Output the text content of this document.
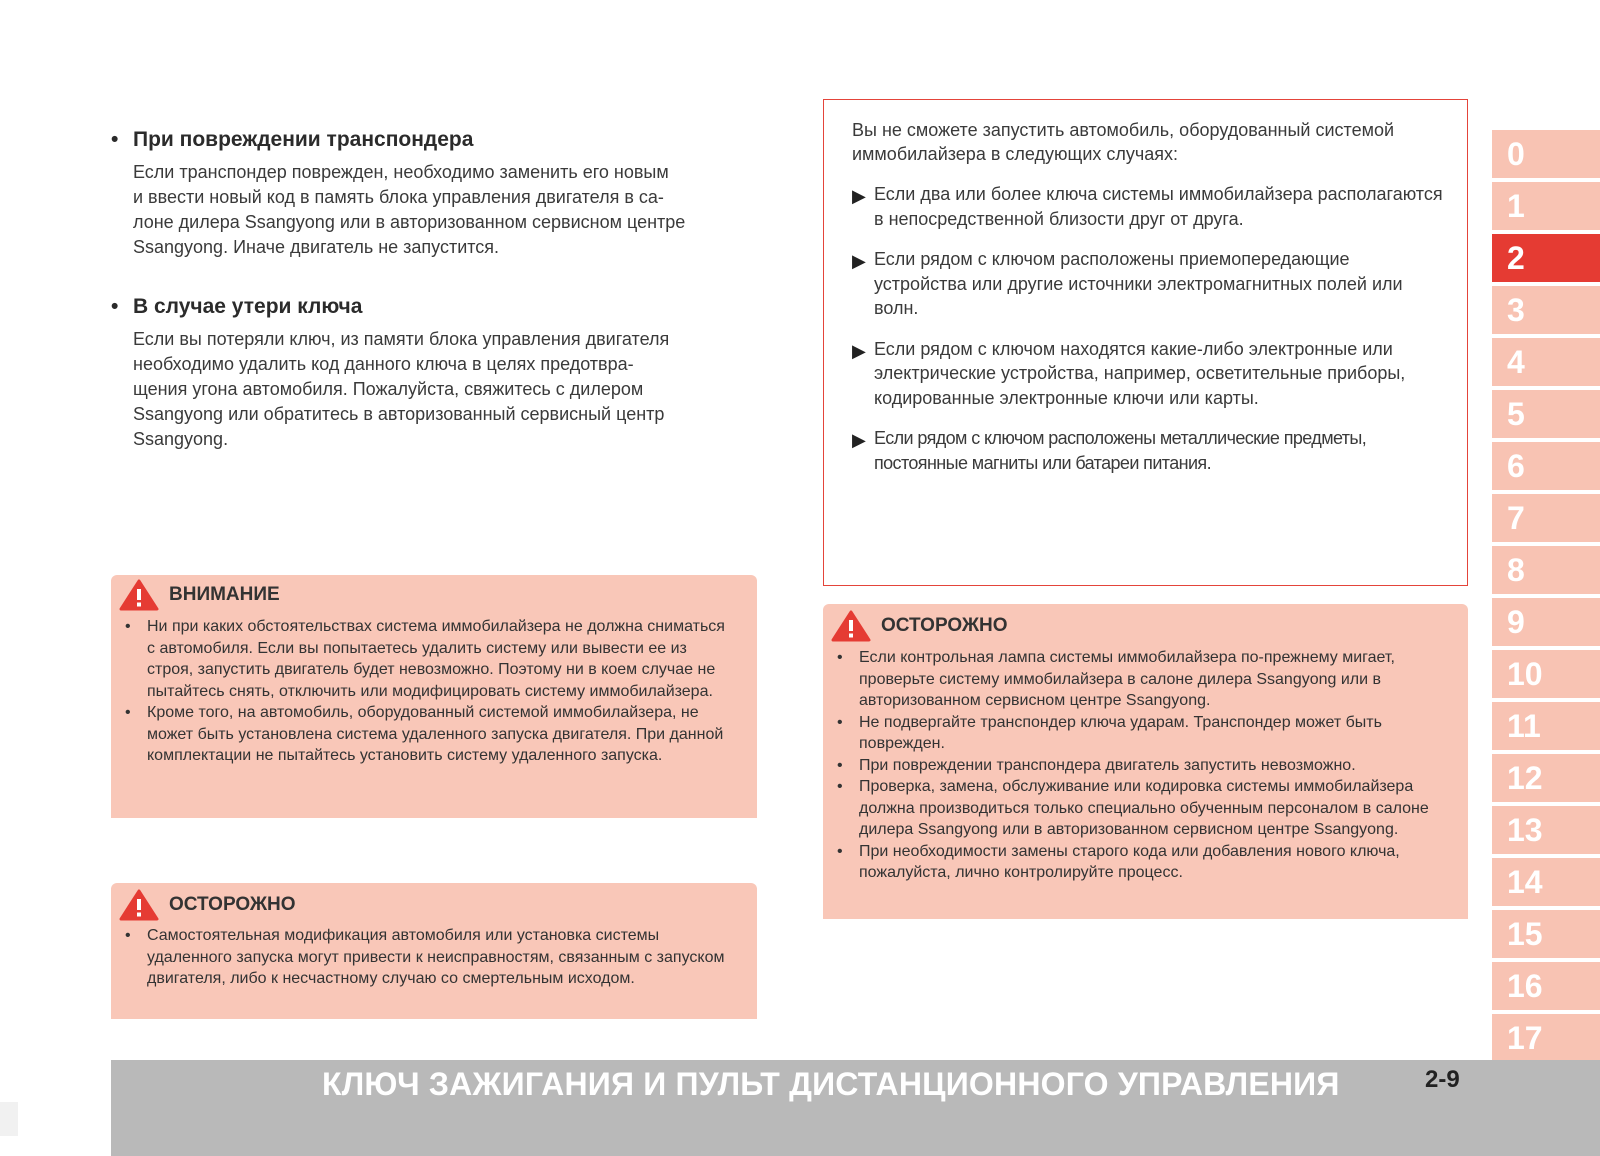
• При повреждении транспондера
Если транспондер поврежден, необходимо заменить его новым
и ввести новый код в память блока управления двигателя в са-
лоне дилера Ssangyong или в авторизованном сервисном центре
Ssangyong. Иначе двигатель не запустится.
• В случае утери ключа
Если вы потеряли ключ, из памяти блока управления двигателя
необходимо удалить код данного ключа в целях предотвра-
щения угона автомобиля. Пожалуйста, свяжитесь с дилером
Ssangyong или обратитесь в авторизованный сервисный центр
Ssangyong.
ВНИМАНИЕ
• Ни при каких обстоятельствах система иммобилайзера не должна сниматься с автомобиля. Если вы попытаетесь удалить систему или вывести ее из строя, запустить двигатель будет невозможно. Поэтому ни в коем случае не пытайтесь снять, отключить или модифицировать систему иммобилайзера.
• Кроме того, на автомобиль, оборудованный системой иммобилайзера, не может быть установлена система удаленного запуска двигателя. При данной комплектации не пытайтесь установить систему удаленного запуска.
ОСТОРОЖНО
• Самостоятельная модификация автомобиля или установка системы удаленного запуска могут привести к неисправностям, связанным с запуском двигателя, либо к несчастному случаю со смертельным исходом.
Вы не сможете запустить автомобиль, оборудованный системой иммобилайзера в следующих случаях:
▶ Если два или более ключа системы иммобилайзера располагаются в непосредственной близости друг от друга.
▶ Если рядом с ключом расположены приемопередающие устройства или другие источники электромагнитных полей или волн.
▶ Если рядом с ключом находятся какие-либо электронные или электрические устройства, например, осветительные приборы, кодированные электронные ключи или карты.
▶ Если рядом с ключом расположены металлические предметы, постоянные магниты или батареи питания.
ОСТОРОЖНО
• Если контрольная лампа системы иммобилайзера по-прежнему мигает, проверьте систему иммобилайзера в салоне дилера Ssangyong или в авторизованном сервисном центре Ssangyong.
• Не подвергайте транспондер ключа ударам. Транспондер может быть поврежден.
• При повреждении транспондера двигатель запустить невозможно.
• Проверка, замена, обслуживание или кодировка системы иммобилайзера должна производиться только специально обученным персоналом в салоне дилера Ssangyong или в авторизованном сервисном центре Ssangyong.
• При необходимости замены старого кода или добавления нового ключа, пожалуйста, лично контролируйте процесс.
0
1
2
3
4
5
6
7
8
9
10
11
12
13
14
15
16
17
КЛЮЧ ЗАЖИГАНИЯ И ПУЛЬТ ДИСТАНЦИОННОГО УПРАВЛЕНИЯ	2-9
